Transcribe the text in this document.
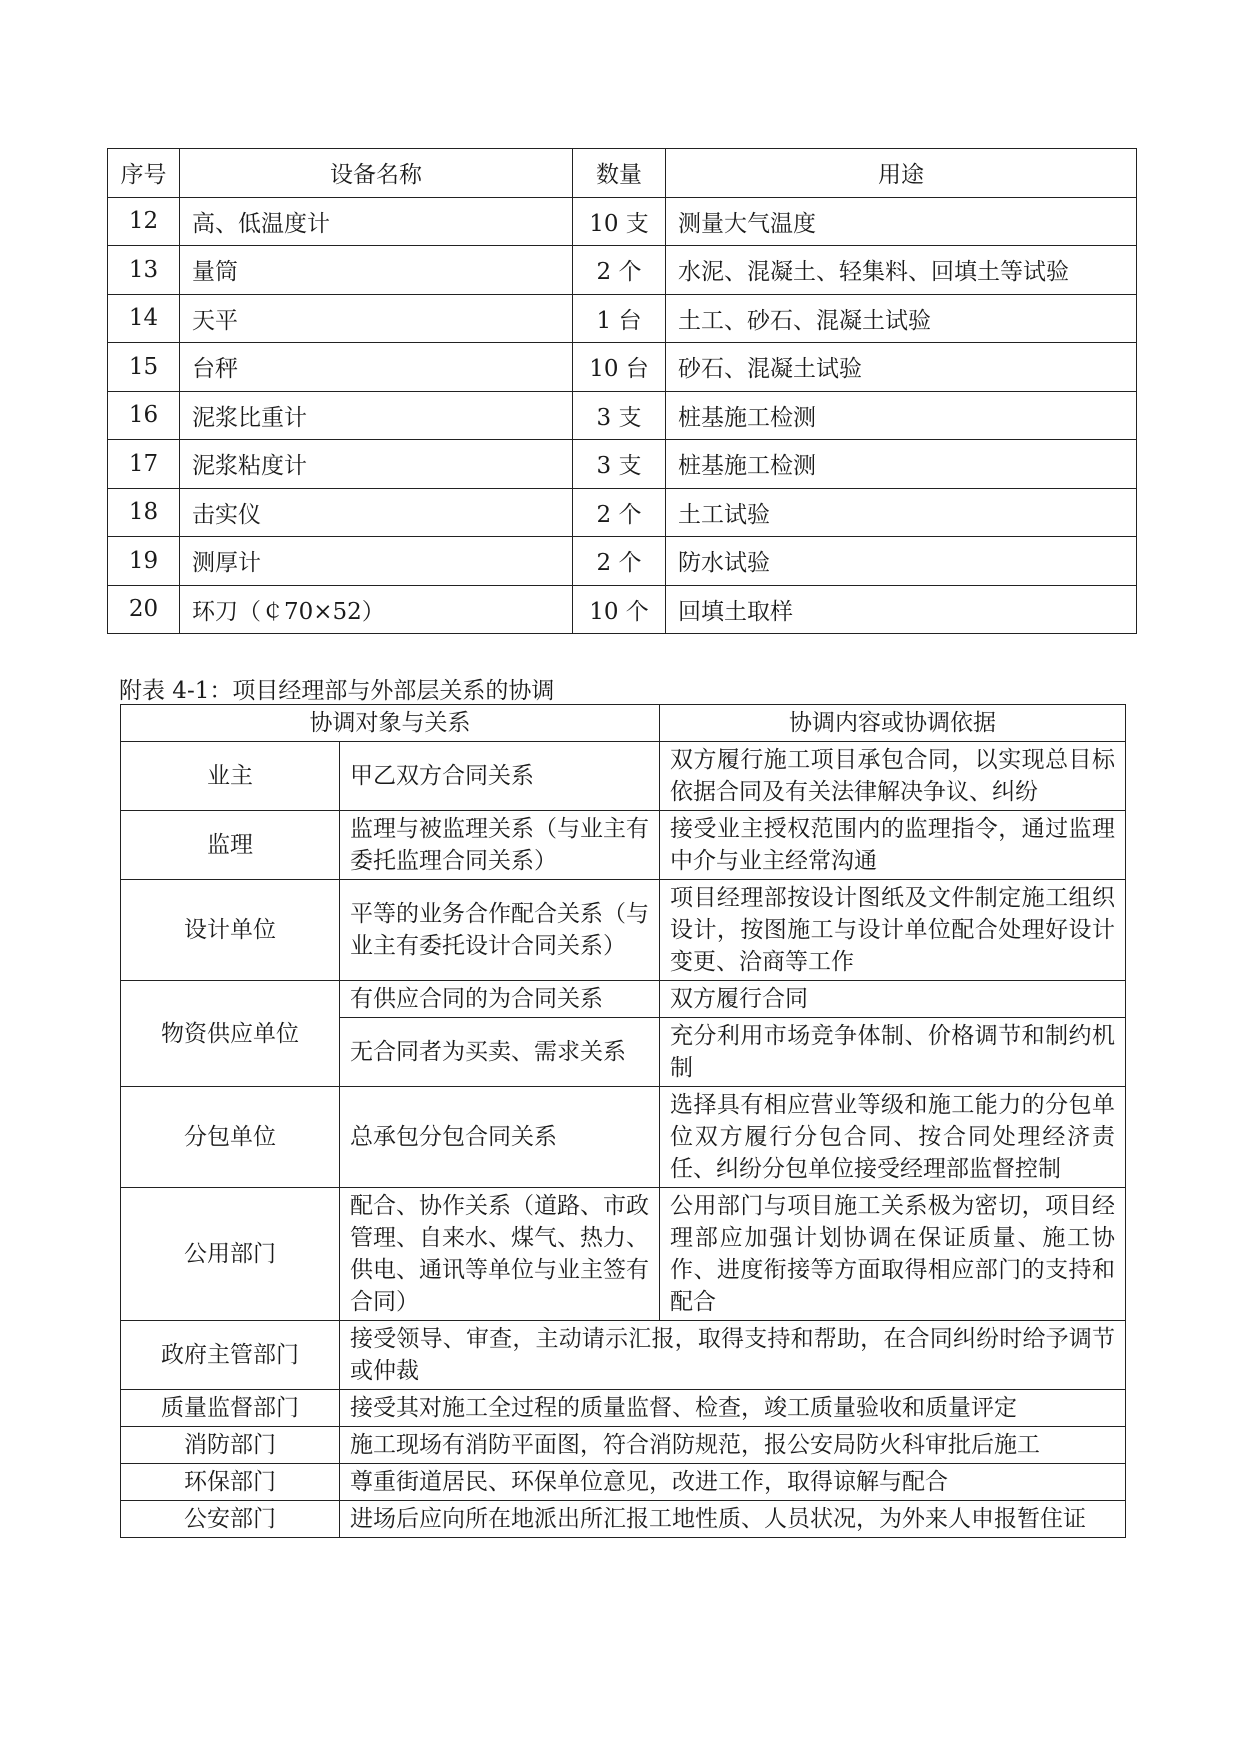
序号	设备名称	数量	用途
12	高、低温度计	10 支	测量大气温度
13	量筒	2 个	水泥、混凝土、轻集料、回填土等试验
14	天平	1 台	土工、砂石、混凝土试验
15	台秤	10 台	砂石、混凝土试验
16	泥浆比重计	3 支	桩基施工检测
17	泥浆粘度计	3 支	桩基施工检测
18	击实仪	2 个	土工试验
19	测厚计	2 个	防水试验
20	环刀（￠70×52）	10 个	回填土取样
附表 4-1：项目经理部与外部层关系的协调
协调对象与关系		协调内容或协调依据
业主	甲乙双方合同关系	双方履行施工项目承包合同，以实现总目标依据合同及有关法律解决争议、纠纷
监理	监理与被监理关系（与业主有委托监理合同关系）	接受业主授权范围内的监理指令，通过监理中介与业主经常沟通
设计单位	平等的业务合作配合关系（与业主有委托设计合同关系）	项目经理部按设计图纸及文件制定施工组织设计，按图施工与设计单位配合处理好设计变更、洽商等工作
物资供应单位	有供应合同的为合同关系	双方履行合同
	无合同者为买卖、需求关系	充分利用市场竞争体制、价格调节和制约机制
分包单位	总承包分包合同关系	选择具有相应营业等级和施工能力的分包单位双方履行分包合同、按合同处理经济责任、纠纷分包单位接受经理部监督控制
公用部门	配合、协作关系（道路、市政管理、自来水、煤气、热力、供电、通讯等单位与业主签有合同）	公用部门与项目施工关系极为密切，项目经理部应加强计划协调在保证质量、施工协作、进度衔接等方面取得相应部门的支持和配合
政府主管部门	接受领导、审查，主动请示汇报，取得支持和帮助，在合同纠纷时给予调节或仲裁	
质量监督部门	接受其对施工全过程的质量监督、检查，竣工质量验收和质量评定	
消防部门	施工现场有消防平面图，符合消防规范，报公安局防火科审批后施工	
环保部门	尊重街道居民、环保单位意见，改进工作，取得谅解与配合	
公安部门	进场后应向所在地派出所汇报工地性质、人员状况，为外来人申报暂住证	
